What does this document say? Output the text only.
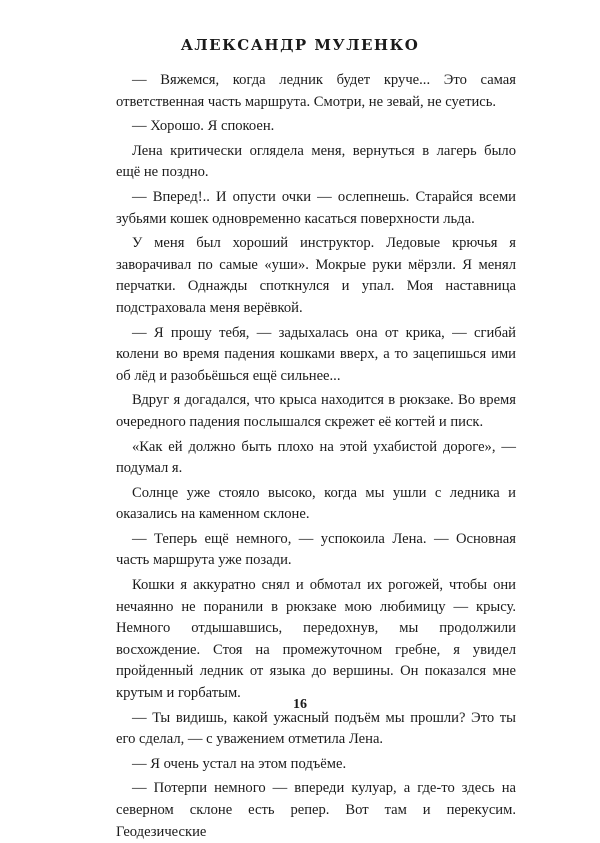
АЛЕКСАНДР МУЛЕНКО

— Вяжемся, когда ледник будет круче... Это самая ответственная часть маршрута. Смотри, не зевай, не суетись.

— Хорошо. Я спокоен.

Лена критически оглядела меня, вернуться в лагерь было ещё не поздно.

— Вперед!.. И опусти очки — ослепнешь. Старайся всеми зубьями кошек одновременно касаться поверхности льда.

У меня был хороший инструктор. Ледовые крючья я заворачивал по самые «уши». Мокрые руки мёрзли. Я менял перчатки. Однажды споткнулся и упал. Моя наставница подстраховала меня верёвкой.

— Я прошу тебя, — задыхалась она от крика, — сгибай колени во время падения кошками вверх, а то зацепишься ими об лёд и разобьёшься ещё сильнее...

Вдруг я догадался, что крыса находится в рюкзаке. Во время очередного падения послышался скрежет её когтей и писк.

«Как ей должно быть плохо на этой ухабистой дороге», — подумал я.

Солнце уже стояло высоко, когда мы ушли с ледника и оказались на каменном склоне.

— Теперь ещё немного, — успокоила Лена. — Основная часть маршрута уже позади.

Кошки я аккуратно снял и обмотал их рогожей, чтобы они нечаянно не поранили в рюкзаке мою любимицу — крысу. Немного отдышавшись, передохнув, мы продолжили восхождение. Стоя на промежуточном гребне, я увидел пройденный ледник от языка до вершины. Он показался мне крутым и горбатым.

— Ты видишь, какой ужасный подъём мы прошли? Это ты его сделал, — с уважением отметила Лена.

— Я очень устал на этом подъёме.

— Потерпи немного — впереди кулуар, а где-то здесь на северном склоне есть репер. Вот там и перекусим. Геодезические

16
